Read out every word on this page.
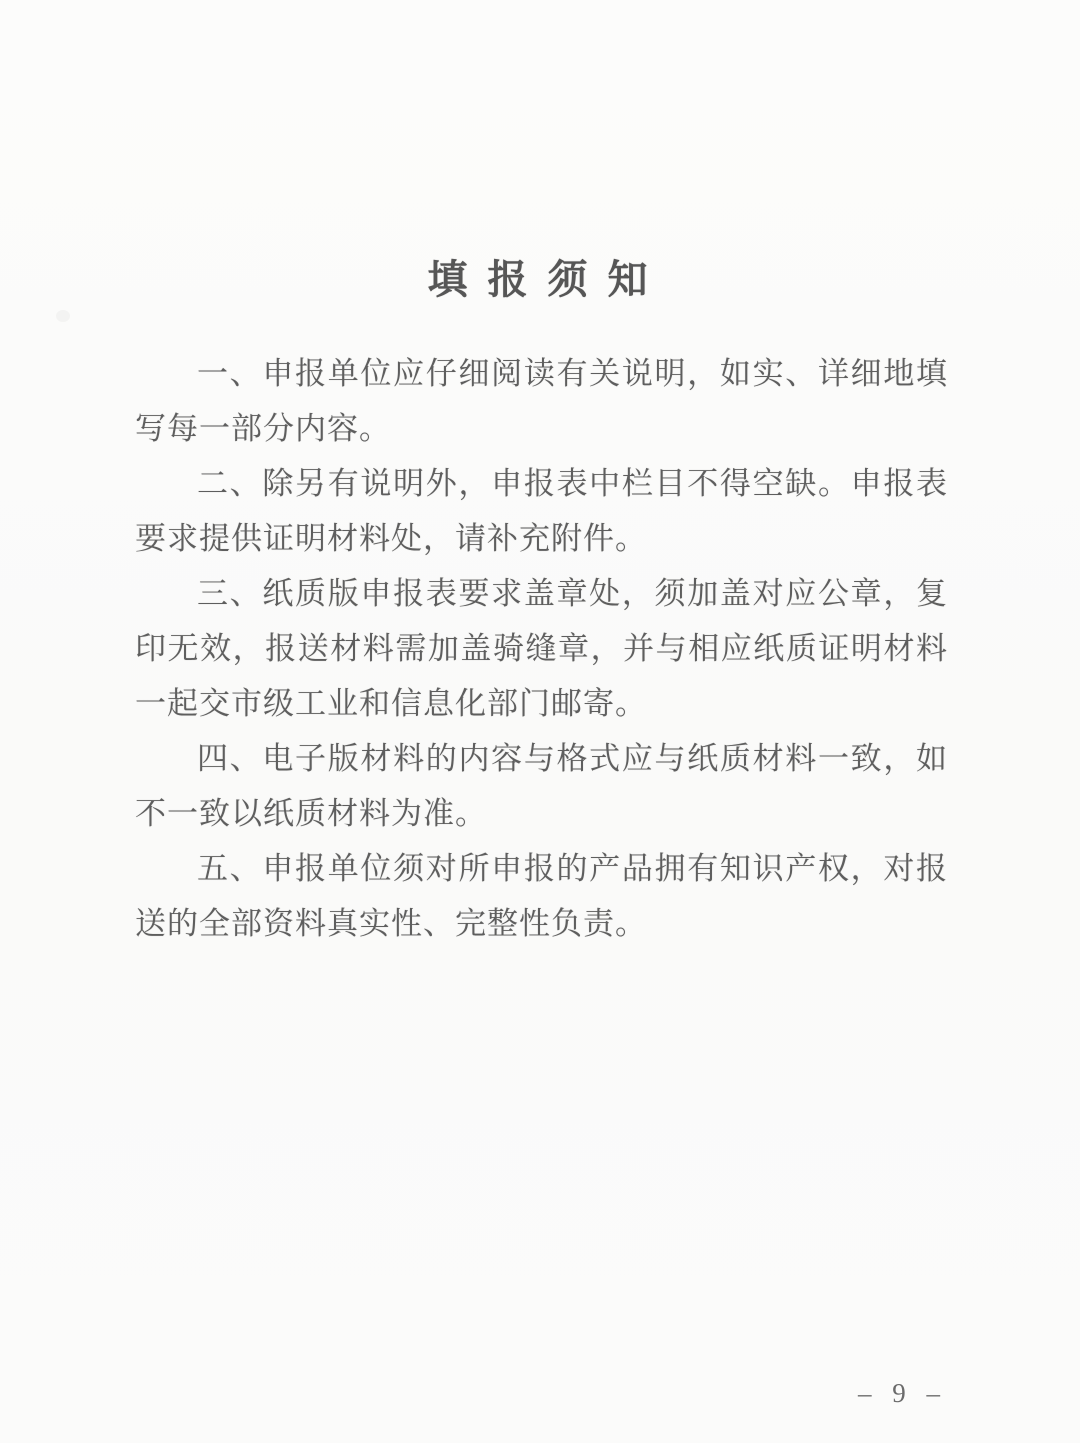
填 报 须 知

一、申报单位应仔细阅读有关说明，如实、详细地填写每一部分内容。

二、除另有说明外，申报表中栏目不得空缺。申报表要求提供证明材料处，请补充附件。

三、纸质版申报表要求盖章处，须加盖对应公章，复印无效，报送材料需加盖骑缝章，并与相应纸质证明材料一起交市级工业和信息化部门邮寄。

四、电子版材料的内容与格式应与纸质材料一致，如不一致以纸质材料为准。

五、申报单位须对所申报的产品拥有知识产权，对报送的全部资料真实性、完整性负责。

– 9 –
